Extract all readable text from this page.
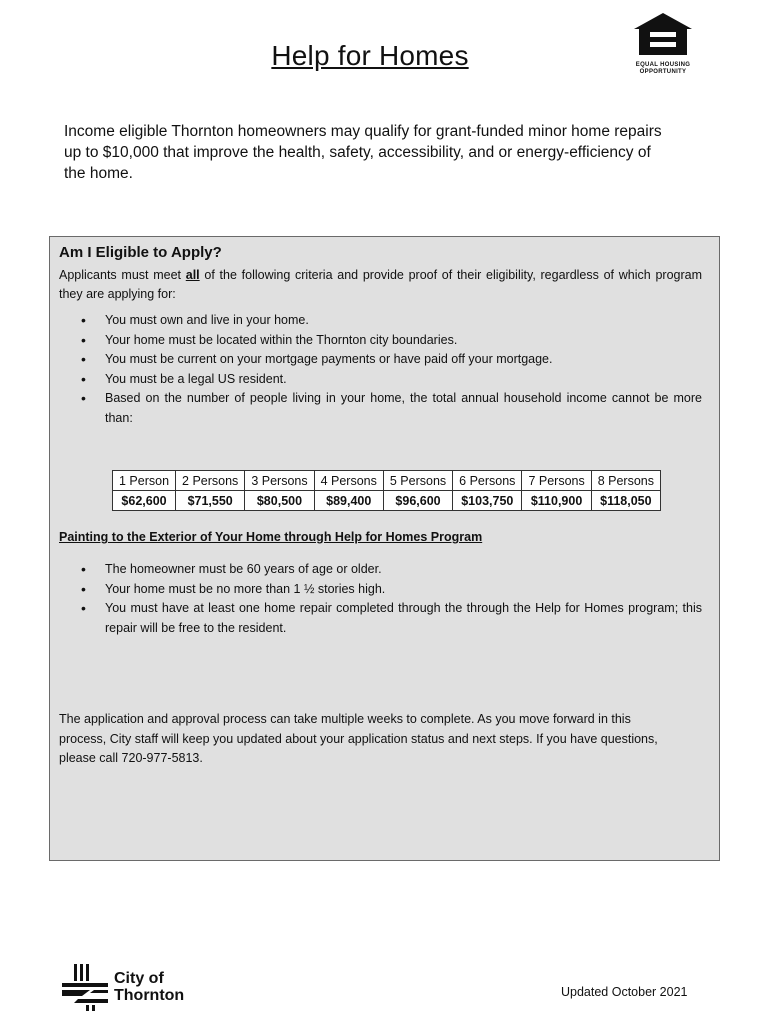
Help for Homes	EQUAL HOUSING
OPPORTUNITY
Income eligible Thornton homeowners may qualify for grant-funded minor home repairs up to $10,000 that improve the health, safety, accessibility, and or energy-efficiency of the home.
Am I Eligible to Apply?
Applicants must meet all of the following criteria and provide proof of their eligibility, regardless of which program they are applying for:
• You must own and live in your home.
• Your home must be located within the Thornton city boundaries.
• You must be current on your mortgage payments or have paid off your mortgage.
• You must be a legal US resident.
• Based on the number of people living in your home, the total annual household income cannot be more than:
1 Person	2 Persons	3 Persons	4 Persons	5 Persons	6 Persons	7 Persons	8 Persons
$62,600	$71,550	$80,500	$89,400	$96,600	$103,750	$110,900	$118,050
Painting to the Exterior of Your Home through Help for Homes Program
• The homeowner must be 60 years of age or older.
• Your home must be no more than 1 ½ stories high.
• You must have at least one home repair completed through the through the Help for Homes program; this repair will be free to the resident.
The application and approval process can take multiple weeks to complete. As you move forward in this process, City staff will keep you updated about your application status and next steps. If you have questions, please call 720-977-5813.
City of
Thornton	Updated October 2021
